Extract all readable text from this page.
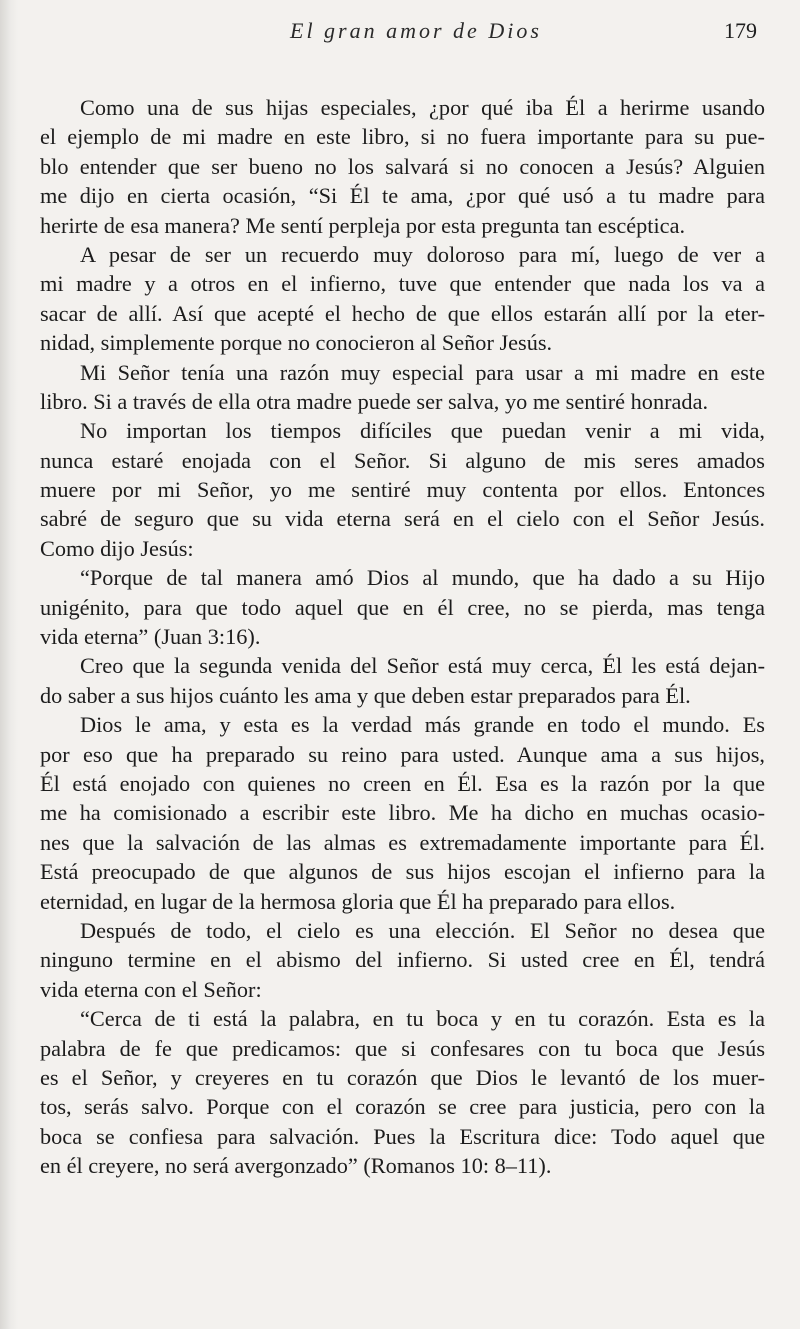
El gran amor de Dios	179
Como una de sus hijas especiales, ¿por qué iba Él a herirme usando
el ejemplo de mi madre en este libro, si no fuera importante para su pue-
blo entender que ser bueno no los salvará si no conocen a Jesús? Alguien
me dijo en cierta ocasión, “Si Él te ama, ¿por qué usó a tu madre para
herirte de esa manera? Me sentí perpleja por esta pregunta tan escéptica.
A pesar de ser un recuerdo muy doloroso para mí, luego de ver a
mi madre y a otros en el infierno, tuve que entender que nada los va a
sacar de allí. Así que acepté el hecho de que ellos estarán allí por la eter-
nidad, simplemente porque no conocieron al Señor Jesús.
Mi Señor tenía una razón muy especial para usar a mi madre en este
libro. Si a través de ella otra madre puede ser salva, yo me sentiré honrada.
No importan los tiempos difíciles que puedan venir a mi vida,
nunca estaré enojada con el Señor. Si alguno de mis seres amados
muere por mi Señor, yo me sentiré muy contenta por ellos. Entonces
sabré de seguro que su vida eterna será en el cielo con el Señor Jesús.
Como dijo Jesús:
“Porque de tal manera amó Dios al mundo, que ha dado a su Hijo
unigénito, para que todo aquel que en él cree, no se pierda, mas tenga
vida eterna” (Juan 3:16).
Creo que la segunda venida del Señor está muy cerca, Él les está dejan-
do saber a sus hijos cuánto les ama y que deben estar preparados para Él.
Dios le ama, y esta es la verdad más grande en todo el mundo. Es
por eso que ha preparado su reino para usted. Aunque ama a sus hijos,
Él está enojado con quienes no creen en Él. Esa es la razón por la que
me ha comisionado a escribir este libro. Me ha dicho en muchas ocasio-
nes que la salvación de las almas es extremadamente importante para Él.
Está preocupado de que algunos de sus hijos escojan el infierno para la
eternidad, en lugar de la hermosa gloria que Él ha preparado para ellos.
Después de todo, el cielo es una elección. El Señor no desea que
ninguno termine en el abismo del infierno. Si usted cree en Él, tendrá
vida eterna con el Señor:
“Cerca de ti está la palabra, en tu boca y en tu corazón. Esta es la
palabra de fe que predicamos: que si confesares con tu boca que Jesús
es el Señor, y creyeres en tu corazón que Dios le levantó de los muer-
tos, serás salvo. Porque con el corazón se cree para justicia, pero con la
boca se confiesa para salvación. Pues la Escritura dice: Todo aquel que
en él creyere, no será avergonzado” (Romanos 10: 8–11).
